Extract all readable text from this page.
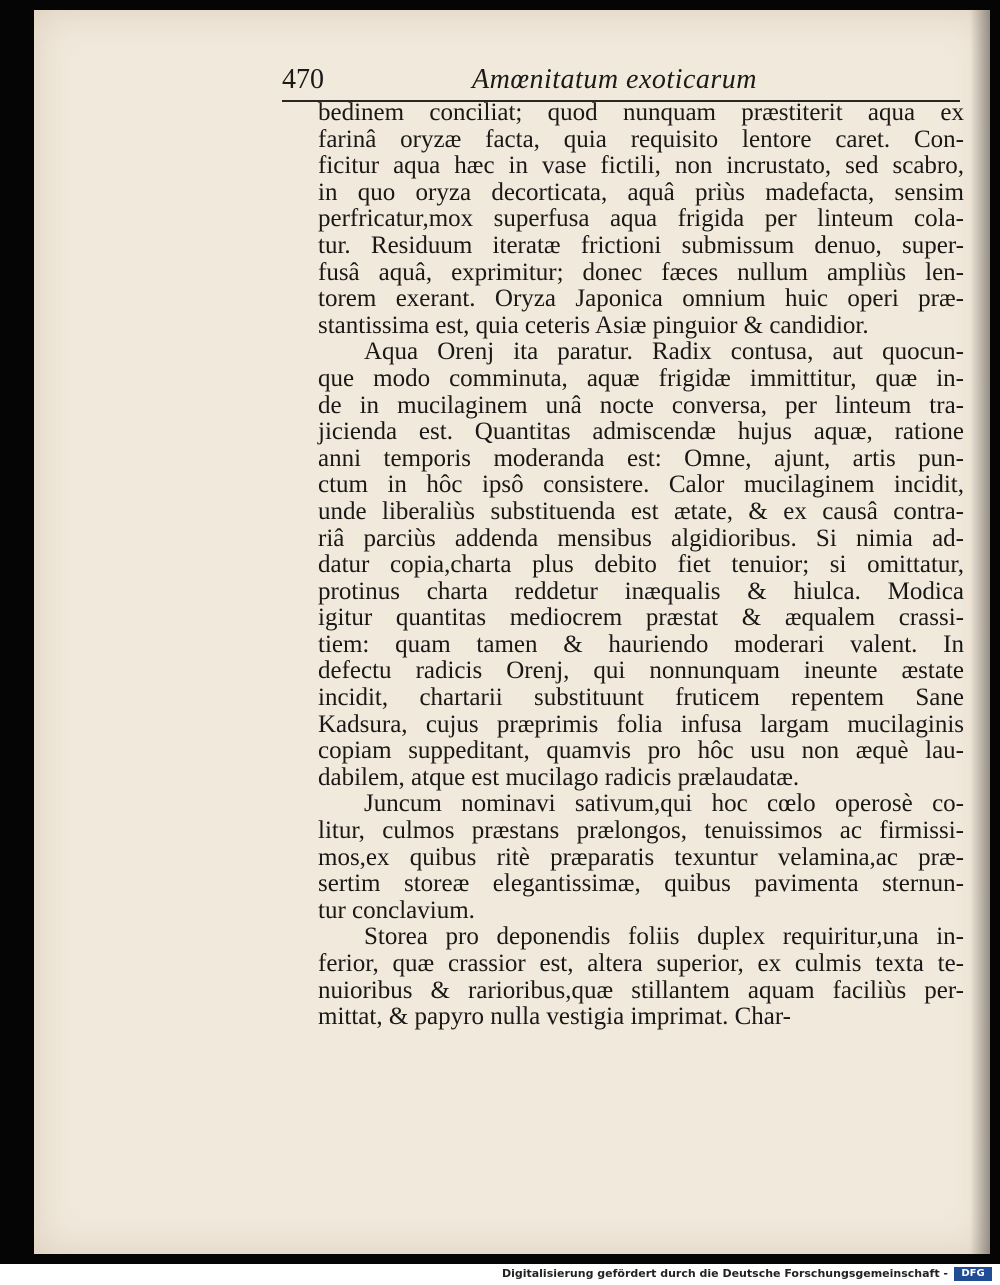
470	Amœnitatum exoticarum
bedinem conciliat; quod nunquam præstiterit aqua ex
farinâ oryzæ facta, quia requisito lentore caret. Con-
ficitur aqua hæc in vase fictili, non incrustato, sed scabro,
in quo oryza decorticata, aquâ priùs madefacta, sensim
perfricatur,mox superfusa aqua frigida per linteum cola-
tur. Residuum iteratæ frictioni submissum denuo, super-
fusâ aquâ, exprimitur; donec fæces nullum ampliùs len-
torem exerant. Oryza Japonica omnium huic operi præ-
stantissima est, quia ceteris Asiæ pinguior & candidior.
Aqua Orenj ita paratur. Radix contusa, aut quocun-
que modo comminuta, aquæ frigidæ immittitur, quæ in-
de in mucilaginem unâ nocte conversa, per linteum tra-
jicienda est. Quantitas admiscendæ hujus aquæ, ratione
anni temporis moderanda est: Omne, ajunt, artis pun-
ctum in hôc ipsô consistere. Calor mucilaginem incidit,
unde liberaliùs substituenda est ætate, & ex causâ contra-
riâ parciùs addenda mensibus algidioribus. Si nimia ad-
datur copia,charta plus debito fiet tenuior; si omittatur,
protinus charta reddetur inæqualis & hiulca. Modica
igitur quantitas mediocrem præstat & æqualem crassi-
tiem: quam tamen & hauriendo moderari valent. In
defectu radicis Orenj, qui nonnunquam ineunte æstate
incidit, chartarii substituunt fruticem repentem Sane
Kadsura, cujus præprimis folia infusa largam mucilaginis
copiam suppeditant, quamvis pro hôc usu non æquè lau-
dabilem, atque est mucilago radicis prælaudatæ.
Juncum nominavi sativum,qui hoc cœlo operosè co-
litur, culmos præstans prælongos, tenuissimos ac firmissi-
mos,ex quibus ritè præparatis texuntur velamina,ac præ-
sertim storeæ elegantissimæ, quibus pavimenta sternun-
tur conclavium.
Storea pro deponendis foliis duplex requiritur,una in-
ferior, quæ crassior est, altera superior, ex culmis texta te-
nuioribus & rarioribus,quæ stillantem aquam faciliùs per-
mittat, & papyro nulla vestigia imprimat. Char-
Digitalisierung gefördert durch die Deutsche Forschungsgemeinschaft -	DFG
